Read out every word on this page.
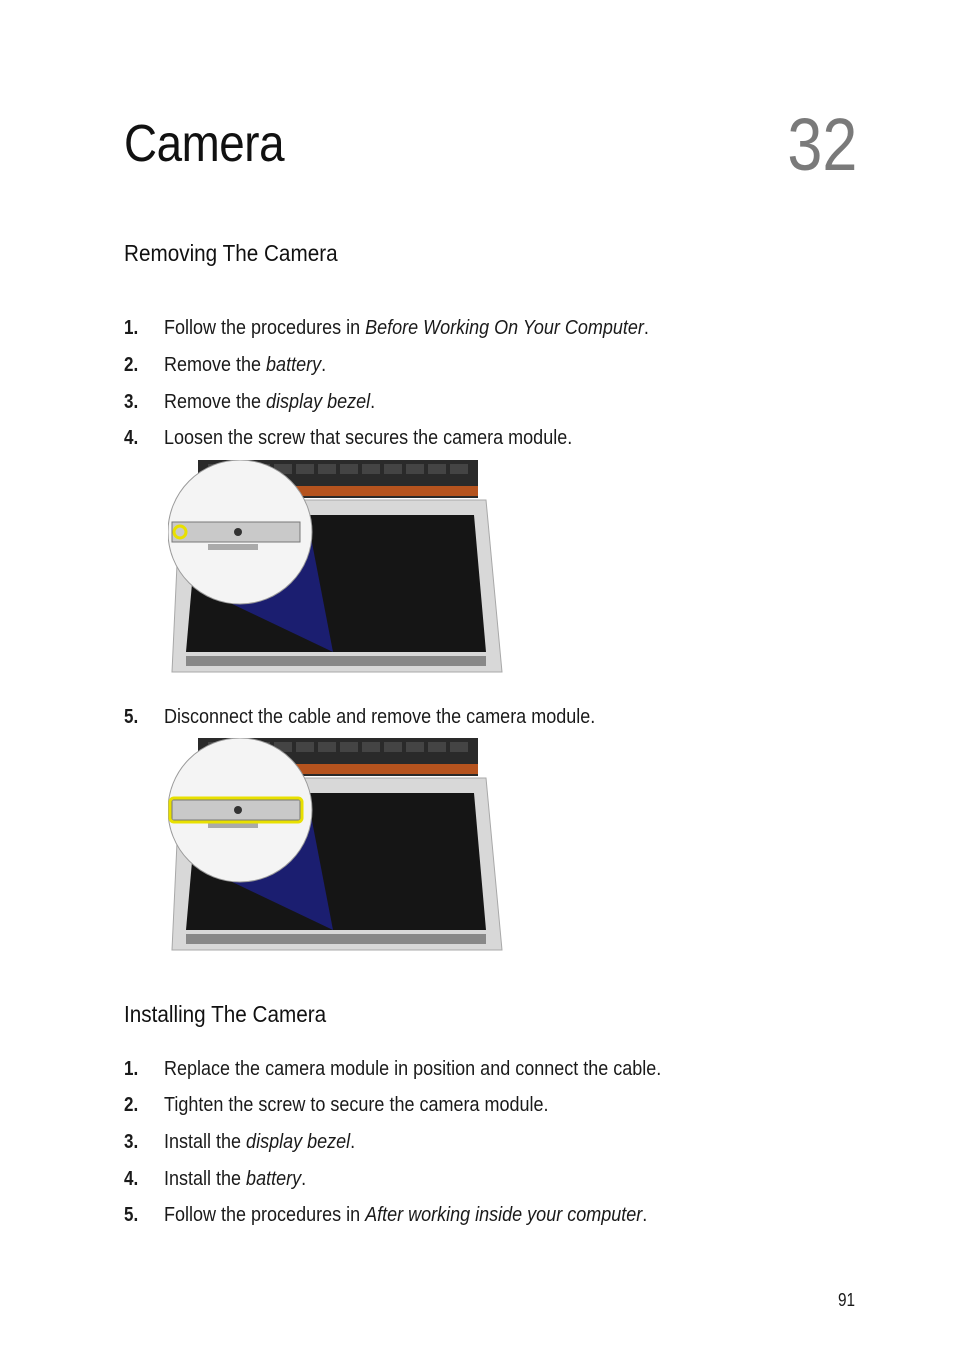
Camera	32
Removing The Camera
1. Follow the procedures in Before Working On Your Computer.
2. Remove the battery.
3. Remove the display bezel.
4. Loosen the screw that secures the camera module.
5. Disconnect the cable and remove the camera module.
Installing The Camera
1. Replace the camera module in position and connect the cable.
2. Tighten the screw to secure the camera module.
3. Install the display bezel.
4. Install the battery.
5. Follow the procedures in After working inside your computer.
91
